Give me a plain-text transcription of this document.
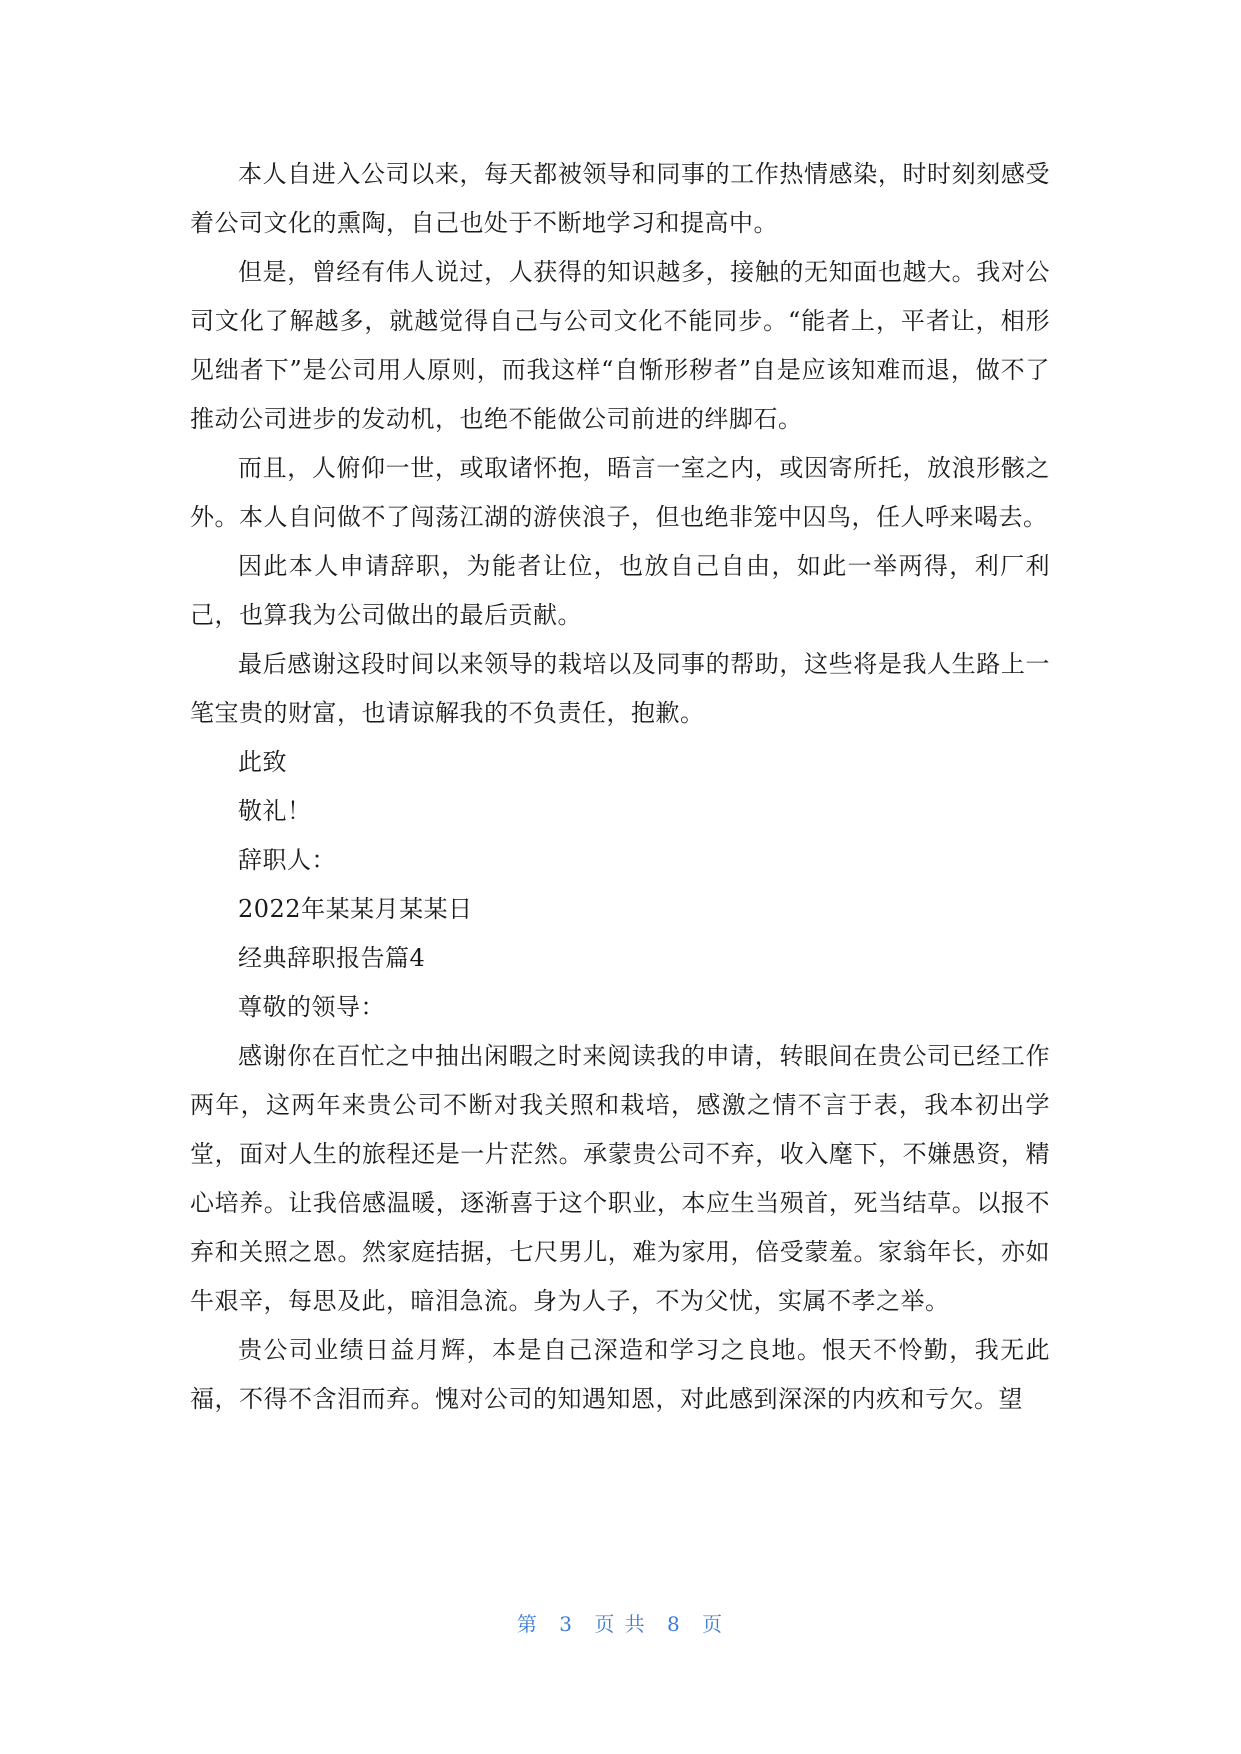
本人自进入公司以来，每天都被领导和同事的工作热情感染，时时刻刻感受着公司文化的熏陶，自己也处于不断地学习和提高中。

但是，曾经有伟人说过，人获得的知识越多，接触的无知面也越大。我对公司文化了解越多，就越觉得自己与公司文化不能同步。“能者上，平者让，相形见绌者下”是公司用人原则，而我这样“自惭形秽者”自是应该知难而退，做不了推动公司进步的发动机，也绝不能做公司前进的绊脚石。

而且，人俯仰一世，或取诸怀抱，晤言一室之内，或因寄所托，放浪形骸之外。本人自问做不了闯荡江湖的游侠浪子，但也绝非笼中囚鸟，任人呼来喝去。

因此本人申请辞职，为能者让位，也放自己自由，如此一举两得，利厂利己，也算我为公司做出的最后贡献。

最后感谢这段时间以来领导的栽培以及同事的帮助，这些将是我人生路上一笔宝贵的财富，也请谅解我的不负责任，抱歉。

此致

敬礼！

辞职人：

2022年某某月某某日

经典辞职报告篇4

尊敬的领导：

感谢你在百忙之中抽出闲暇之时来阅读我的申请，转眼间在贵公司已经工作两年，这两年来贵公司不断对我关照和栽培，感激之情不言于表，我本初出学堂，面对人生的旅程还是一片茫然。承蒙贵公司不弃，收入麾下，不嫌愚资，精心培养。让我倍感温暖，逐渐喜于这个职业，本应生当殒首，死当结草。以报不弃和关照之恩。然家庭拮据，七尺男儿，难为家用，倍受蒙羞。家翁年长，亦如牛艰辛，每思及此，暗泪急流。身为人子，不为父忧，实属不孝之举。

贵公司业绩日益月辉，本是自己深造和学习之良地。恨天不怜勤，我无此福，不得不含泪而弃。愧对公司的知遇知恩，对此感到深深的内疚和亏欠。望

第 3 页 共 8 页
